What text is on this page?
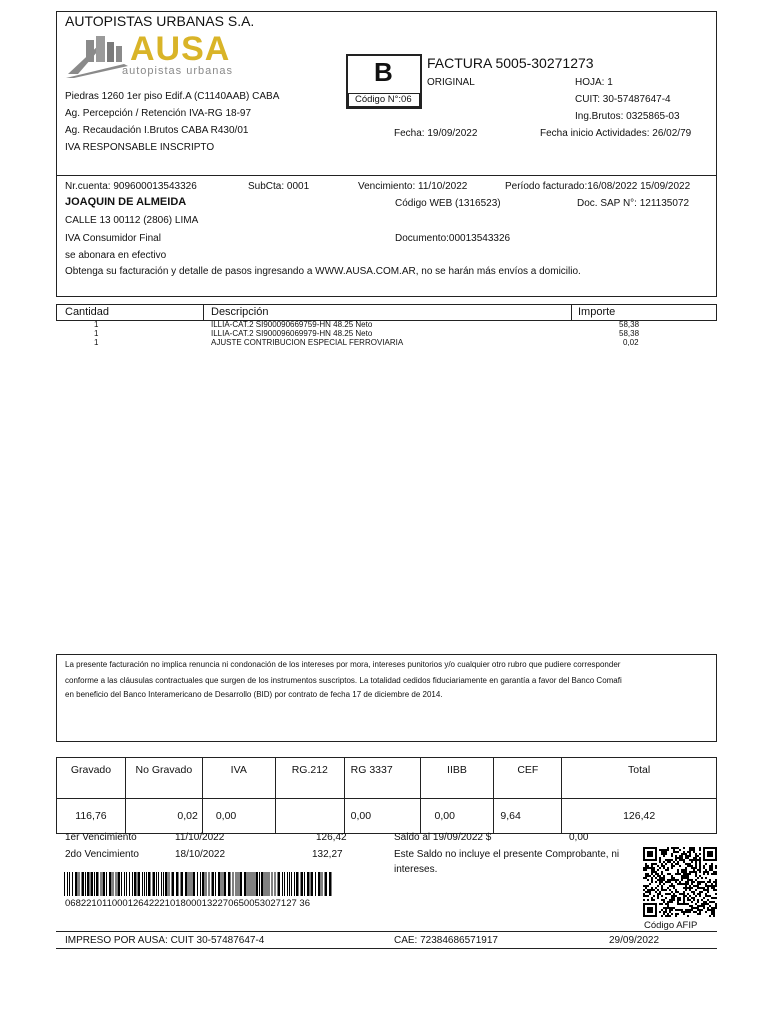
AUTOPISTAS URBANAS S.A.
AUSA
autopistas urbanas
Piedras 1260 1er piso Edif.A (C1140AAB) CABA
Ag. Percepción / Retención IVA-RG 18-97
Ag. Recaudación I.Brutos CABA R430/01
IVA RESPONSABLE INSCRIPTO
B
Código N°:06
FACTURA 5005-30271273
ORIGINAL	HOJA: 1
CUIT: 30-57487647-4
Ing.Brutos: 0325865-03
Fecha: 19/09/2022	Fecha inicio Actividades: 26/02/79
Nr.cuenta: 909600013543326	SubCta: 0001	Vencimiento: 11/10/2022	Período facturado:16/08/2022 15/09/2022
JOAQUIN DE ALMEIDA	Código WEB (1316523)	Doc. SAP N°: 121135072
CALLE 13 00112 (2806) LIMA
IVA Consumidor Final	Documento:00013543326
se abonara en efectivo
Obtenga su facturación y detalle de pasos ingresando a WWW.AUSA.COM.AR, no se harán más envíos a domicilio.
Cantidad	Descripción	Importe
1	ILLIA-CAT.2 SI900090669759-HN 48.25 Neto	58,38
1	ILLIA-CAT.2 SI900096069979-HN 48.25 Neto	58,38
1	AJUSTE CONTRIBUCION ESPECIAL FERROVIARIA	0,02
La presente facturación no implica renuncia ni condonación de los intereses por mora, intereses punitorios y/o cualquier otro rubro que pudiere corresponder
conforme a las cláusulas contractuales que surgen de los instrumentos suscriptos. La totalidad cedidos fiduciariamente en garantía a favor del Banco Comafi
en beneficio del Banco Interamericano de Desarrollo (BID) por contrato de fecha 17 de diciembre de 2014.
Gravado	No Gravado	IVA	RG.212	RG 3337	IIBB	CEF	Total
116,76	0,02	0,00		0,00	0,00	9,64	126,42
1er Vencimiento	11/10/2022	126,42
2do Vencimiento	18/10/2022	132,27
Saldo al 19/09/2022 $	0,00
Este Saldo no incluye el presente Comprobante, ni
intereses.
06822101100012642221018000132270650053027127 36
Código AFIP
IMPRESO POR AUSA: CUIT 30-57487647-4	CAE: 72384686571917	29/09/2022
